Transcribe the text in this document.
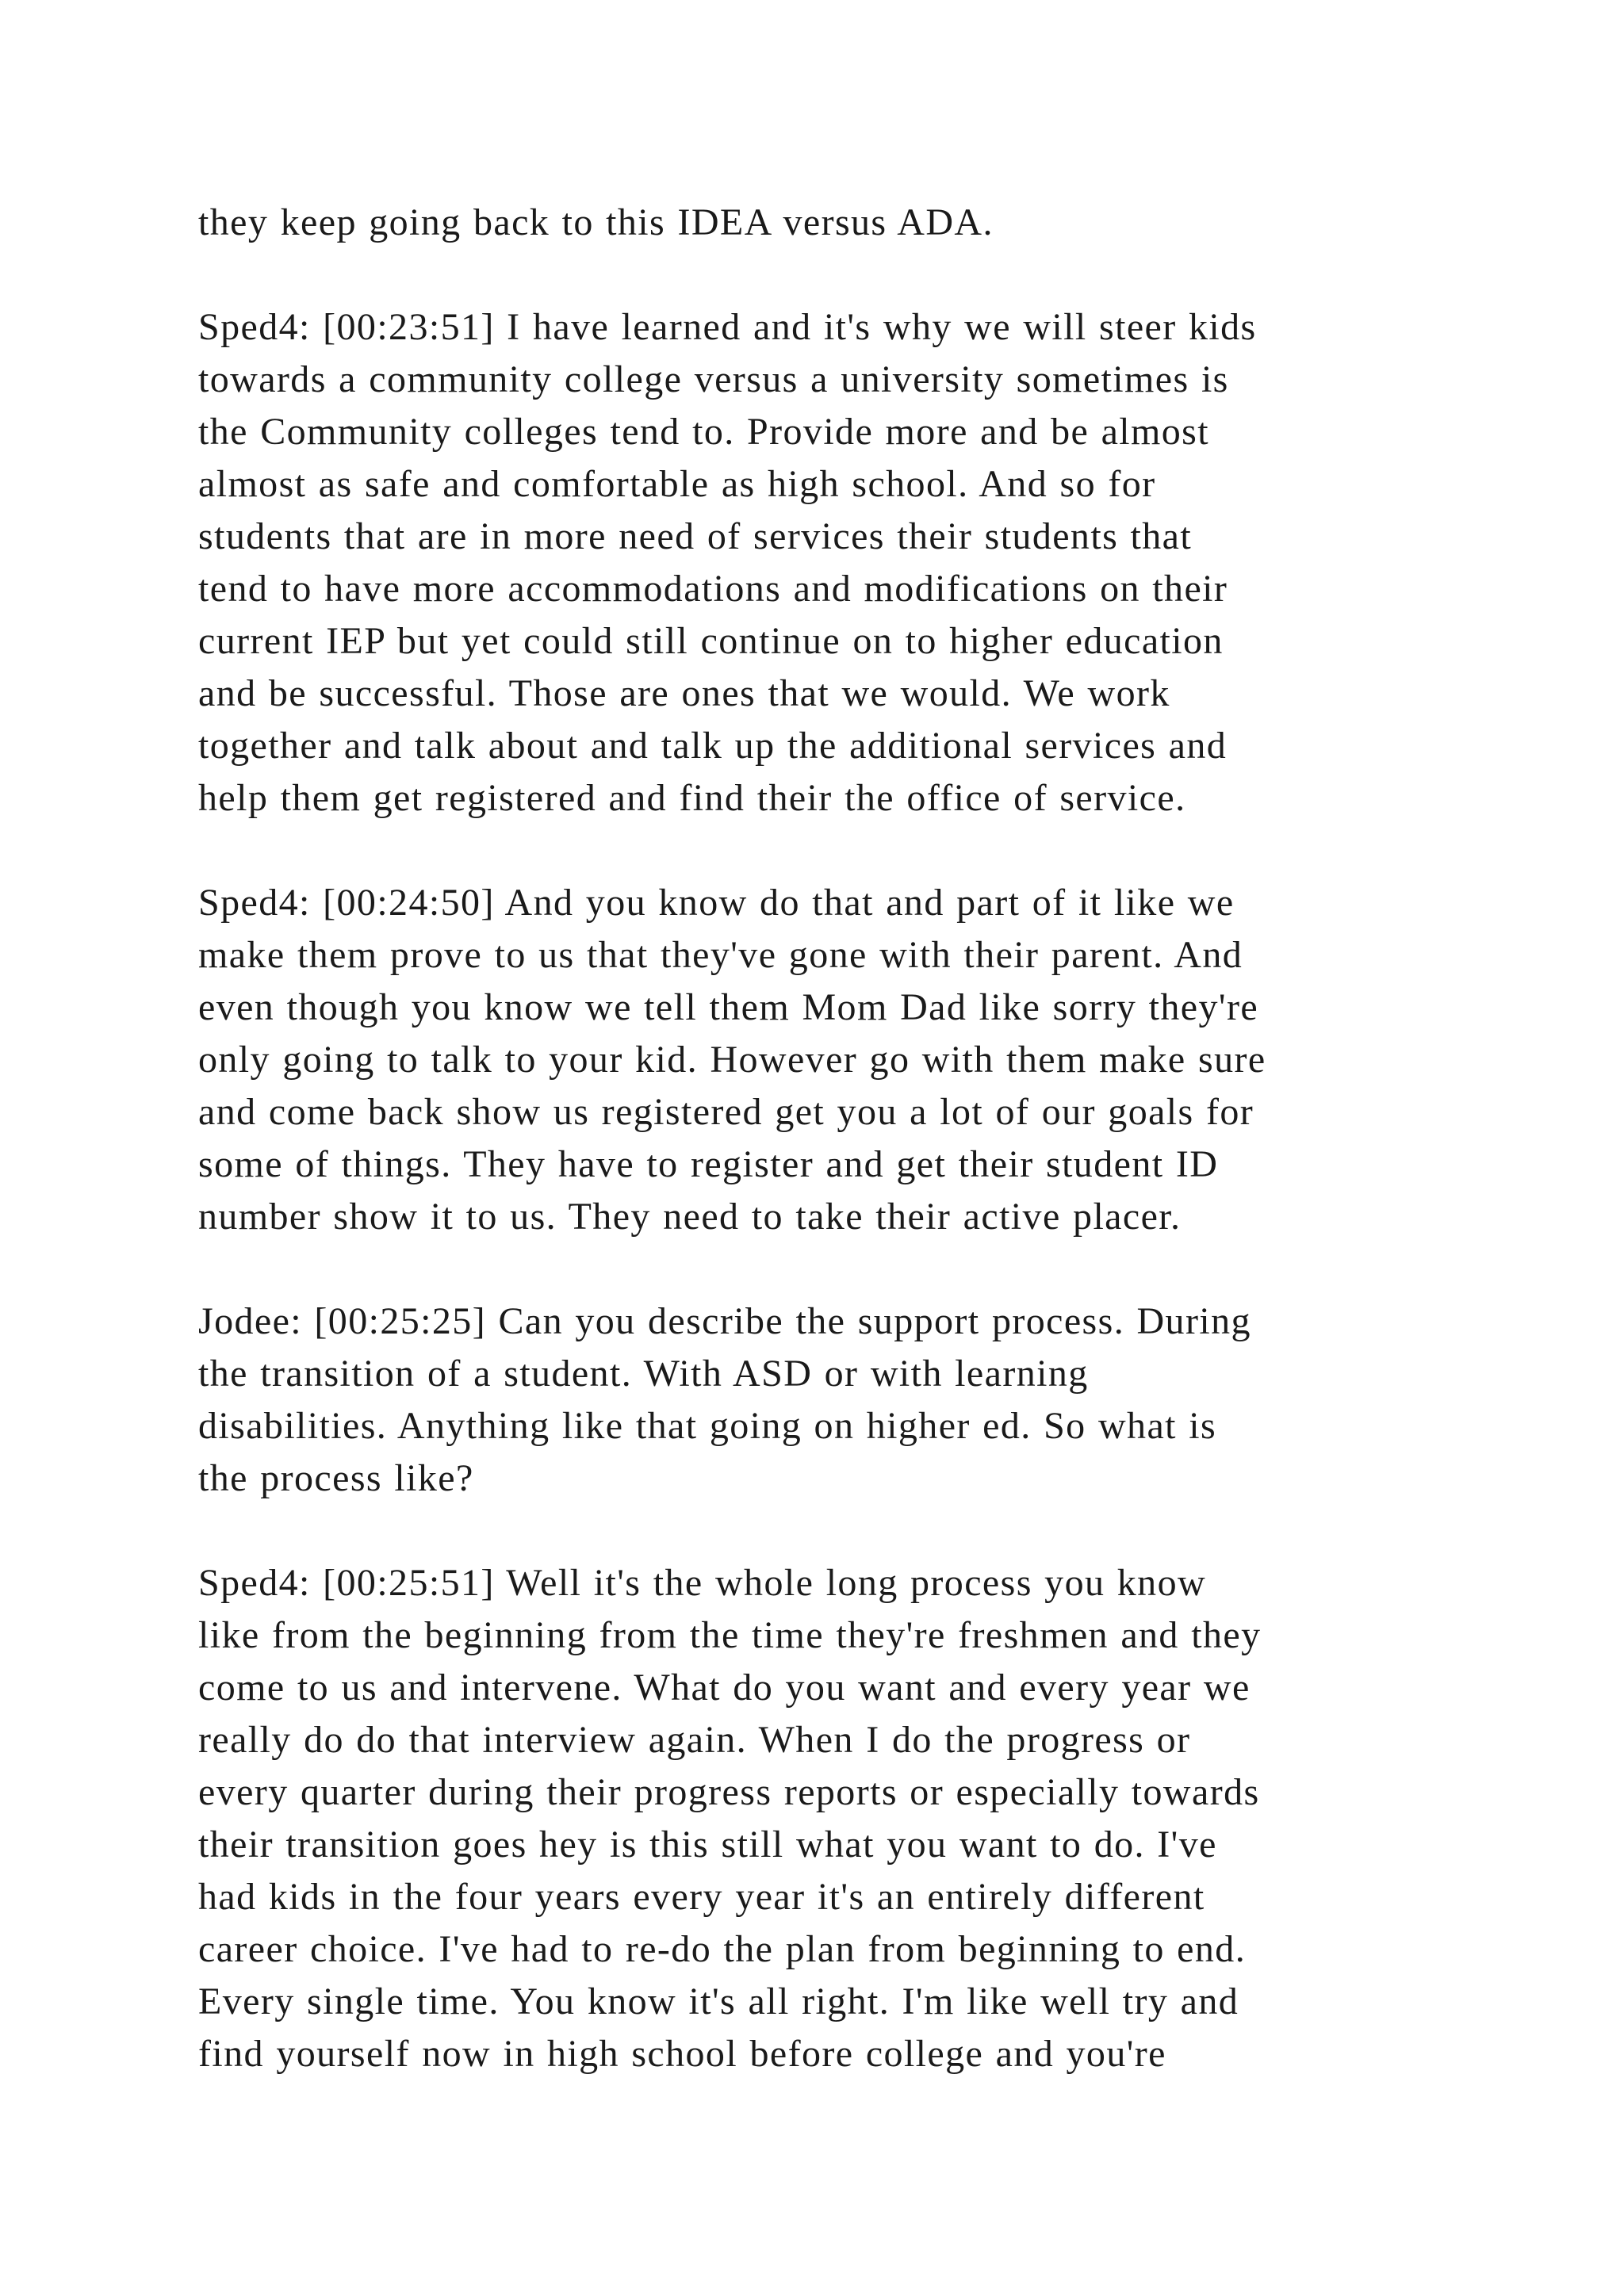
they keep going back to this IDEA versus ADA.
Sped4: [00:23:51] I have learned and it's why we will steer kids
towards a community college versus a university sometimes is
the Community colleges tend to. Provide more and be almost
almost as safe and comfortable as high school. And so for
students that are in more need of services their students that
tend to have more accommodations and modifications on their
current IEP but yet could still continue on to higher education
and be successful. Those are ones that we would. We work
together and talk about and talk up the additional services and
help them get registered and find their the office of service.
Sped4: [00:24:50] And you know do that and part of it like we
make them prove to us that they've gone with their parent. And
even though you know we tell them Mom Dad like sorry they're
only going to talk to your kid. However go with them make sure
and come back show us registered get you a lot of our goals for
some of things. They have to register and get their student ID
number show it to us. They need to take their active placer.
Jodee: [00:25:25] Can you describe the support process. During
the transition of a student. With ASD or with learning
disabilities. Anything like that going on higher ed. So what is
the process like?
Sped4: [00:25:51] Well it's the whole long process you know
like from the beginning from the time they're freshmen and they
come to us and intervene. What do you want and every year we
really do do that interview again. When I do the progress or
every quarter during their progress reports or especially towards
their transition goes hey is this still what you want to do. I've
had kids in the four years every year it's an entirely different
career choice. I've had to re-do the plan from beginning to end.
Every single time. You know it's all right. I'm like well try and
find yourself now in high school before college and you're
